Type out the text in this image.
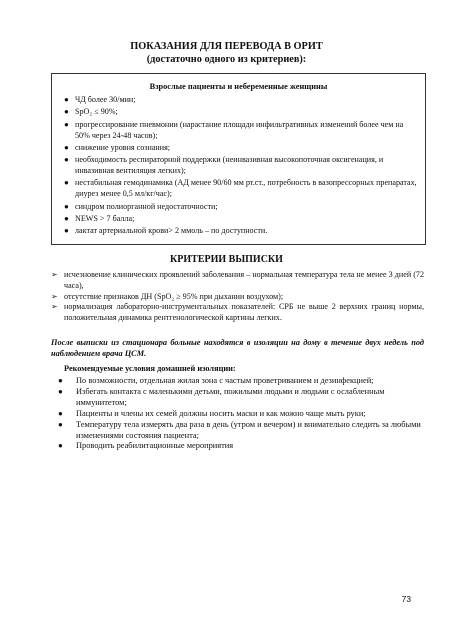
ПОКАЗАНИЯ ДЛЯ ПЕРЕВОДА В ОРИТ

(достаточно одного из критериев):

Взрослые пациенты и небеременные женщины
● ЧД более 30/мин;
● SpO₂ ≤ 90%;
● прогрессирование пневмонии (нарастание площади инфильтративных изменений более чем на 50% через 24-48 часов);
● снижение уровня сознания;
● необходимость респираторной поддержки (неинвазивная высокопоточная оксигенация, и инвазивная вентиляция легких);
● нестабильная гемодинамика (АД менее 90/60 мм рт.ст., потребность в вазопрессорных препаратах, диурез менее 0,5 мл/кг/час);
● синдром полиорганной недостаточности;
● NEWS > 7 балла;
● лактат артериальной крови> 2 ммоль – по доступности.
КРИТЕРИИ ВЫПИСКИ
➢ исчезновение клинических проявлений заболевания – нормальная температура тела не менее 3 дней (72 часа),
➢ отсутствие признаков ДН (SpO₂ ≥ 95% при дыхании воздухом);
➢ нормализация лабораторно-инструментальных показателей: СРБ не выше 2 верхних границ нормы, положительная динамика рентгенологической картины легких.

После выписки из стационара больные находятся в изоляции на дому в течение двух недель под наблюдением врача ЦСМ.

Рекомендуемые условия домашней изоляции:

● По возможности, отдельная жилая зона с частым проветриванием и дезинфекцией;
● Избегать контакта с маленькими детьми, пожилыми людьми и людьми с ослабленным иммунитетом;
● Пациенты и члены их семей должны носить маски и как можно чаще мыть руки;
● Температуру тела измерять два раза в день (утром и вечером) и внимательно следить за любыми изменениями состояния пациента;
● Проводить реабилитационные мероприятия
73
